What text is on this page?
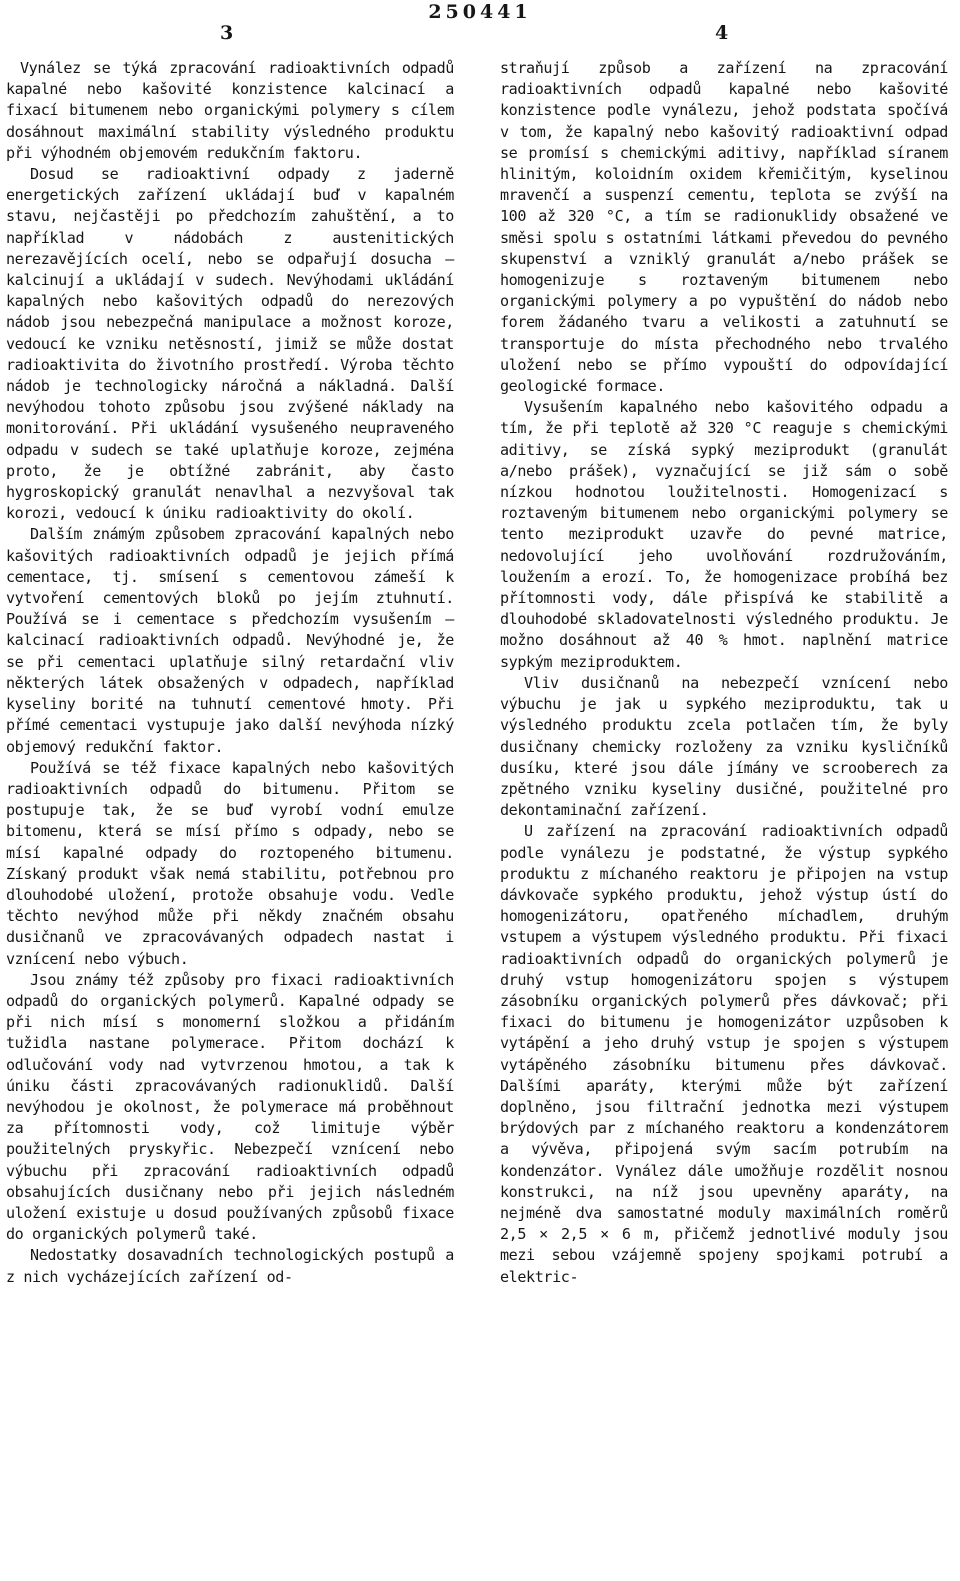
250441
3	4

Vynález se týká zpracování radioaktivních odpadů kapalné nebo kašovité konzistence kalcinací a fixací bitumenem nebo organickými polymery s cílem dosáhnout maximální stability výsledného produktu při výhodném objemovém redukčním faktoru.

Dosud se radioaktivní odpady z jaderně energetických zařízení ukládají buď v kapalném stavu, nejčastěji po předchozím zahuštění, a to například v nádobách z austenitických nerezavějících ocelí, nebo se odpařují dosucha — kalcinují a ukládají v sudech. Nevýhodami ukládání kapalných nebo kašovitých odpadů do nerezových nádob jsou nebezpečná manipulace a možnost koroze, vedoucí ke vzniku netěsností, jimiž se může dostat radioaktivita do životního prostředí. Výroba těchto nádob je technologicky náročná a nákladná. Další nevýhodou tohoto způsobu jsou zvýšené náklady na monitorování. Při ukládání vysušeného neupraveného odpadu v sudech se také uplatňuje koroze, zejména proto, že je obtížné zabránit, aby často hygroskopický granulát nenavlhal a nezvyšoval tak korozi, vedoucí k úniku radioaktivity do okolí.

Dalším známým způsobem zpracování kapalných nebo kašovitých radioaktivních odpadů je jejich přímá cementace, tj. smísení s cementovou zámeší k vytvoření cementových bloků po jejím ztuhnutí. Používá se i cementace s předchozím vysušením — kalcinací radioaktivních odpadů. Nevýhodné je, že se při cementaci uplatňuje silný retardační vliv některých látek obsažených v odpadech, například kyseliny borité na tuhnutí cementové hmoty. Při přímé cementaci vystupuje jako další nevýhoda nízký objemový redukční faktor.

Používá se též fixace kapalných nebo kašovitých radioaktivních odpadů do bitumenu. Přitom se postupuje tak, že se buď vyrobí vodní emulze bitomenu, která se mísí přímo s odpady, nebo se mísí kapalné odpady do roztopeného bitumenu. Získaný produkt však nemá stabilitu, potřebnou pro dlouhodobé uložení, protože obsahuje vodu. Vedle těchto nevýhod může při někdy značném obsahu dusičnanů ve zpracovávaných odpadech nastat i vznícení nebo výbuch.

Jsou známy též způsoby pro fixaci radioaktivních odpadů do organických polymerů. Kapalné odpady se při nich mísí s monomerní složkou a přidáním tužidla nastane polymerace. Přitom dochází k odlučování vody nad vytvrzenou hmotou, a tak k úniku části zpracovávaných radionuklidů. Další nevýhodou je okolnost, že polymerace má proběhnout za přítomnosti vody, což limituje výběr použitelných pryskyřic. Nebezpečí vznícení nebo výbuchu při zpracování radioaktivních odpadů obsahujících dusičnany nebo při jejich následném uložení existuje u dosud používaných způsobů fixace do organických polymerů také.

Nedostatky dosavadních technologických postupů a z nich vycházejících zařízení od-

straňují způsob a zařízení na zpracování radioaktivních odpadů kapalné nebo kašovité konzistence podle vynálezu, jehož podstata spočívá v tom, že kapalný nebo kašovitý radioaktivní odpad se promísí s chemickými aditivy, například síranem hlinitým, koloidním oxidem křemičitým, kyselinou mravenčí a suspenzí cementu, teplota se zvýší na 100 až 320 °C, a tím se radionuklidy obsažené ve směsi spolu s ostatními látkami převedou do pevného skupenství a vzniklý granulát a/nebo prášek se homogenizuje s roztaveným bitumenem nebo organickými polymery a po vypuštění do nádob nebo forem žádaného tvaru a velikosti a zatuhnutí se transportuje do místa přechodného nebo trvalého uložení nebo se přímo vypouští do odpovídající geologické formace.

Vysušením kapalného nebo kašovitého odpadu a tím, že při teplotě až 320 °C reaguje s chemickými aditivy, se získá sypký meziprodukt (granulát a/nebo prášek), vyznačující se již sám o sobě nízkou hodnotou loužitelnosti. Homogenizací s roztaveným bitumenem nebo organickými polymery se tento meziprodukt uzavře do pevné matrice, nedovolující jeho uvolňování rozdružováním, loužením a erozí. To, že homogenizace probíhá bez přítomnosti vody, dále přispívá ke stabilitě a dlouhodobé skladovatelnosti výsledného produktu. Je možno dosáhnout až 40 % hmot. naplnění matrice sypkým meziproduktem.

Vliv dusičnanů na nebezpečí vznícení nebo výbuchu je jak u sypkého meziproduktu, tak u výsledného produktu zcela potlačen tím, že byly dusičnany chemicky rozloženy za vzniku kysličníků dusíku, které jsou dále jímány ve scrooberech za zpětného vzniku kyseliny dusičné, použitelné pro dekontaminační zařízení.

U zařízení na zpracování radioaktivních odpadů podle vynálezu je podstatné, že výstup sypkého produktu z míchaného reaktoru je připojen na vstup dávkovače sypkého produktu, jehož výstup ústí do homogenizátoru, opatřeného míchadlem, druhým vstupem a výstupem výsledného produktu. Při fixaci radioaktivních odpadů do organických polymerů je druhý vstup homogenizátoru spojen s výstupem zásobníku organických polymerů přes dávkovač; při fixaci do bitumenu je homogenizátor uzpůsoben k vytápění a jeho druhý vstup je spojen s výstupem vytápěného zásobníku bitumenu přes dávkovač. Dalšími aparáty, kterými může být zařízení doplněno, jsou filtrační jednotka mezi výstupem brýdových par z míchaného reaktoru a kondenzátorem a vývěva, připojená svým sacím potrubím na kondenzátor. Vynález dále umožňuje rozdělit nosnou konstrukci, na níž jsou upevněny aparáty, na nejméně dva samostatné moduly maximálních roměrů 2,5 × 2,5 × 6 m, přičemž jednotlivé moduly jsou mezi sebou vzájemně spojeny spojkami potrubí a elektric-
